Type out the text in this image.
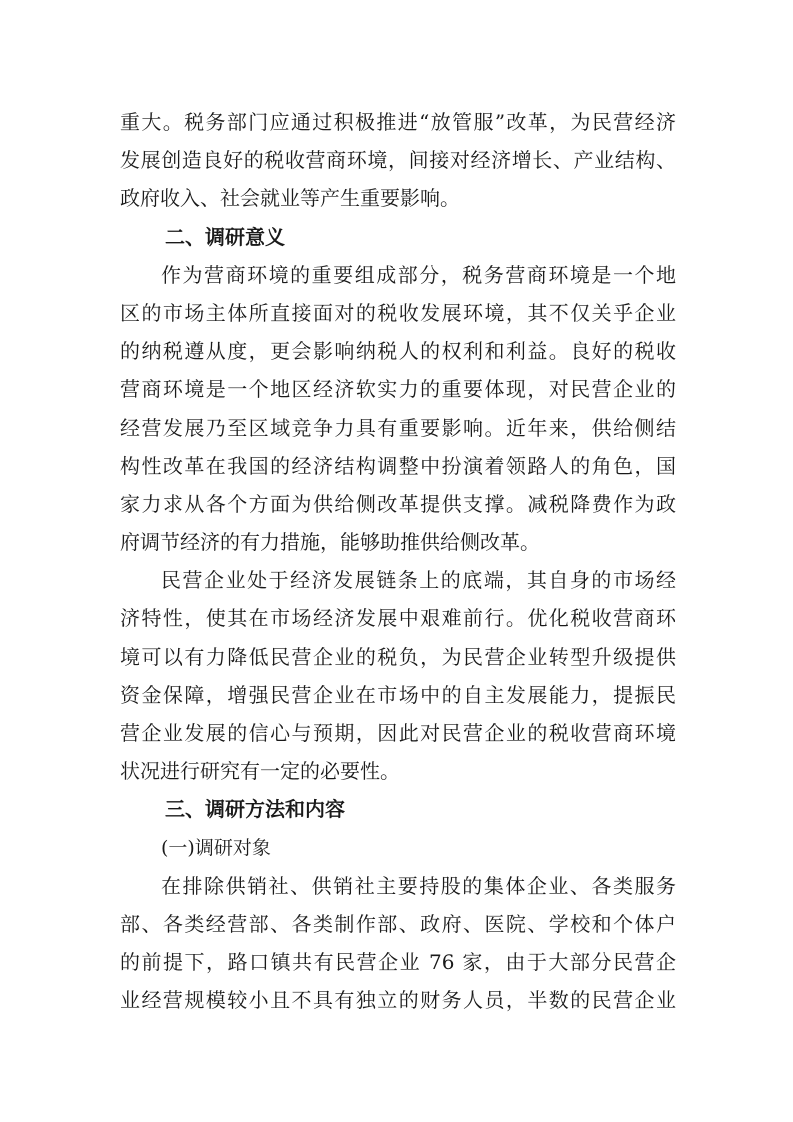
重大。税务部门应通过积极推进“放管服”改革，为民营经济
发展创造良好的税收营商环境，间接对经济增长、产业结构、
政府收入、社会就业等产生重要影响。
二、调研意义
作为营商环境的重要组成部分，税务营商环境是一个地
区的市场主体所直接面对的税收发展环境，其不仅关乎企业
的纳税遵从度，更会影响纳税人的权利和利益。良好的税收
营商环境是一个地区经济软实力的重要体现，对民营企业的
经营发展乃至区域竞争力具有重要影响。近年来，供给侧结
构性改革在我国的经济结构调整中扮演着领路人的角色，国
家力求从各个方面为供给侧改革提供支撑。减税降费作为政
府调节经济的有力措施，能够助推供给侧改革。
民营企业处于经济发展链条上的底端，其自身的市场经
济特性，使其在市场经济发展中艰难前行。优化税收营商环
境可以有力降低民营企业的税负，为民营企业转型升级提供
资金保障，增强民营企业在市场中的自主发展能力，提振民
营企业发展的信心与预期，因此对民营企业的税收营商环境
状况进行研究有一定的必要性。
三、调研方法和内容
(一)调研对象
在排除供销社、供销社主要持股的集体企业、各类服务
部、各类经营部、各类制作部、政府、医院、学校和个体户
的前提下，路口镇共有民营企业 76 家，由于大部分民营企
业经营规模较小且不具有独立的财务人员，半数的民营企业
